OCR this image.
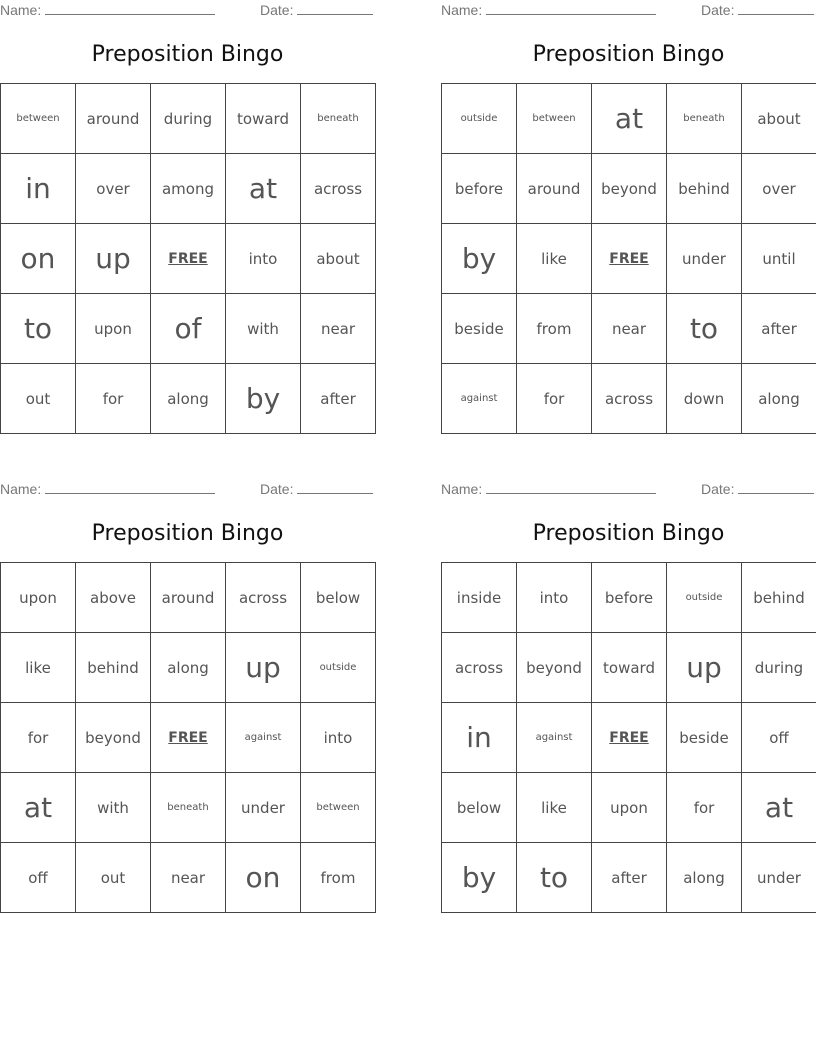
Name:	Date:
Preposition Bingo
between	around	during	toward	beneath
in	over	among	at	across
on	up	FREE	into	about
to	upon	of	with	near
out	for	along	by	after
Name:	Date:
Preposition Bingo
outside	between	at	beneath	about
before	around	beyond	behind	over
by	like	FREE	under	until
beside	from	near	to	after
against	for	across	down	along
Name:	Date:
Preposition Bingo
upon	above	around	across	below
like	behind	along	up	outside
for	beyond	FREE	against	into
at	with	beneath	under	between
off	out	near	on	from
Name:	Date:
Preposition Bingo
inside	into	before	outside	behind
across	beyond	toward	up	during
in	against	FREE	beside	off
below	like	upon	for	at
by	to	after	along	under
